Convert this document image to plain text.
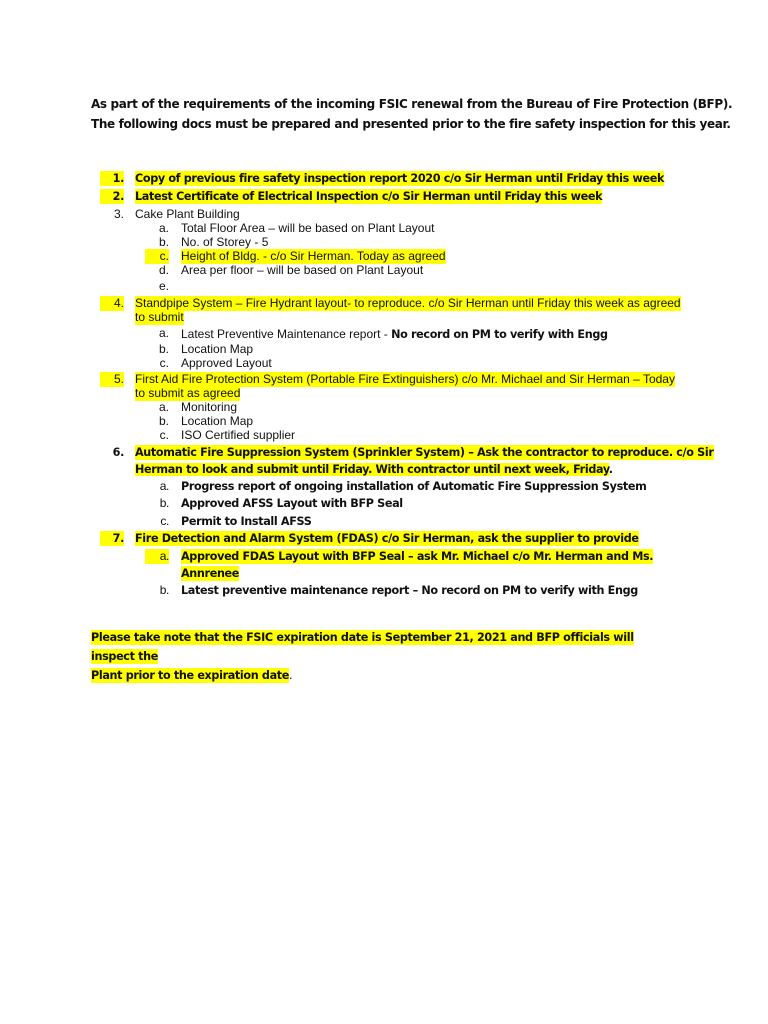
As part of the requirements of the incoming FSIC renewal from the Bureau of Fire Protection (BFP).
The following docs must be prepared and presented prior to the fire safety inspection for this year.
1. Copy of previous fire safety inspection report 2020 c/o Sir Herman until Friday this week
2. Latest Certificate of Electrical Inspection c/o Sir Herman until Friday this week
3. Cake Plant Building
a. Total Floor Area – will be based on Plant Layout
b. No. of Storey - 5
c. Height of Bldg. - c/o Sir Herman. Today as agreed
d. Area per floor – will be based on Plant Layout
e.
4. Standpipe System – Fire Hydrant layout- to reproduce. c/o Sir Herman until Friday this week as agreed
to submit
a. Latest Preventive Maintenance report - No record on PM to verify with Engg
b. Location Map
c. Approved Layout
5. First Aid Fire Protection System (Portable Fire Extinguishers) c/o Mr. Michael and Sir Herman – Today
to submit as agreed
a. Monitoring
b. Location Map
c. ISO Certified supplier
6. Automatic Fire Suppression System (Sprinkler System) – Ask the contractor to reproduce. c/o Sir
Herman to look and submit until Friday. With contractor until next week, Friday.
a. Progress report of ongoing installation of Automatic Fire Suppression System
b. Approved AFSS Layout with BFP Seal
c. Permit to Install AFSS
7. Fire Detection and Alarm System (FDAS) c/o Sir Herman, ask the supplier to provide
a. Approved FDAS Layout with BFP Seal – ask Mr. Michael c/o Mr. Herman and Ms.
Annrenee
b. Latest preventive maintenance report – No record on PM to verify with Engg
Please take note that the FSIC expiration date is September 21, 2021 and BFP officials will inspect the
Plant prior to the expiration date.
